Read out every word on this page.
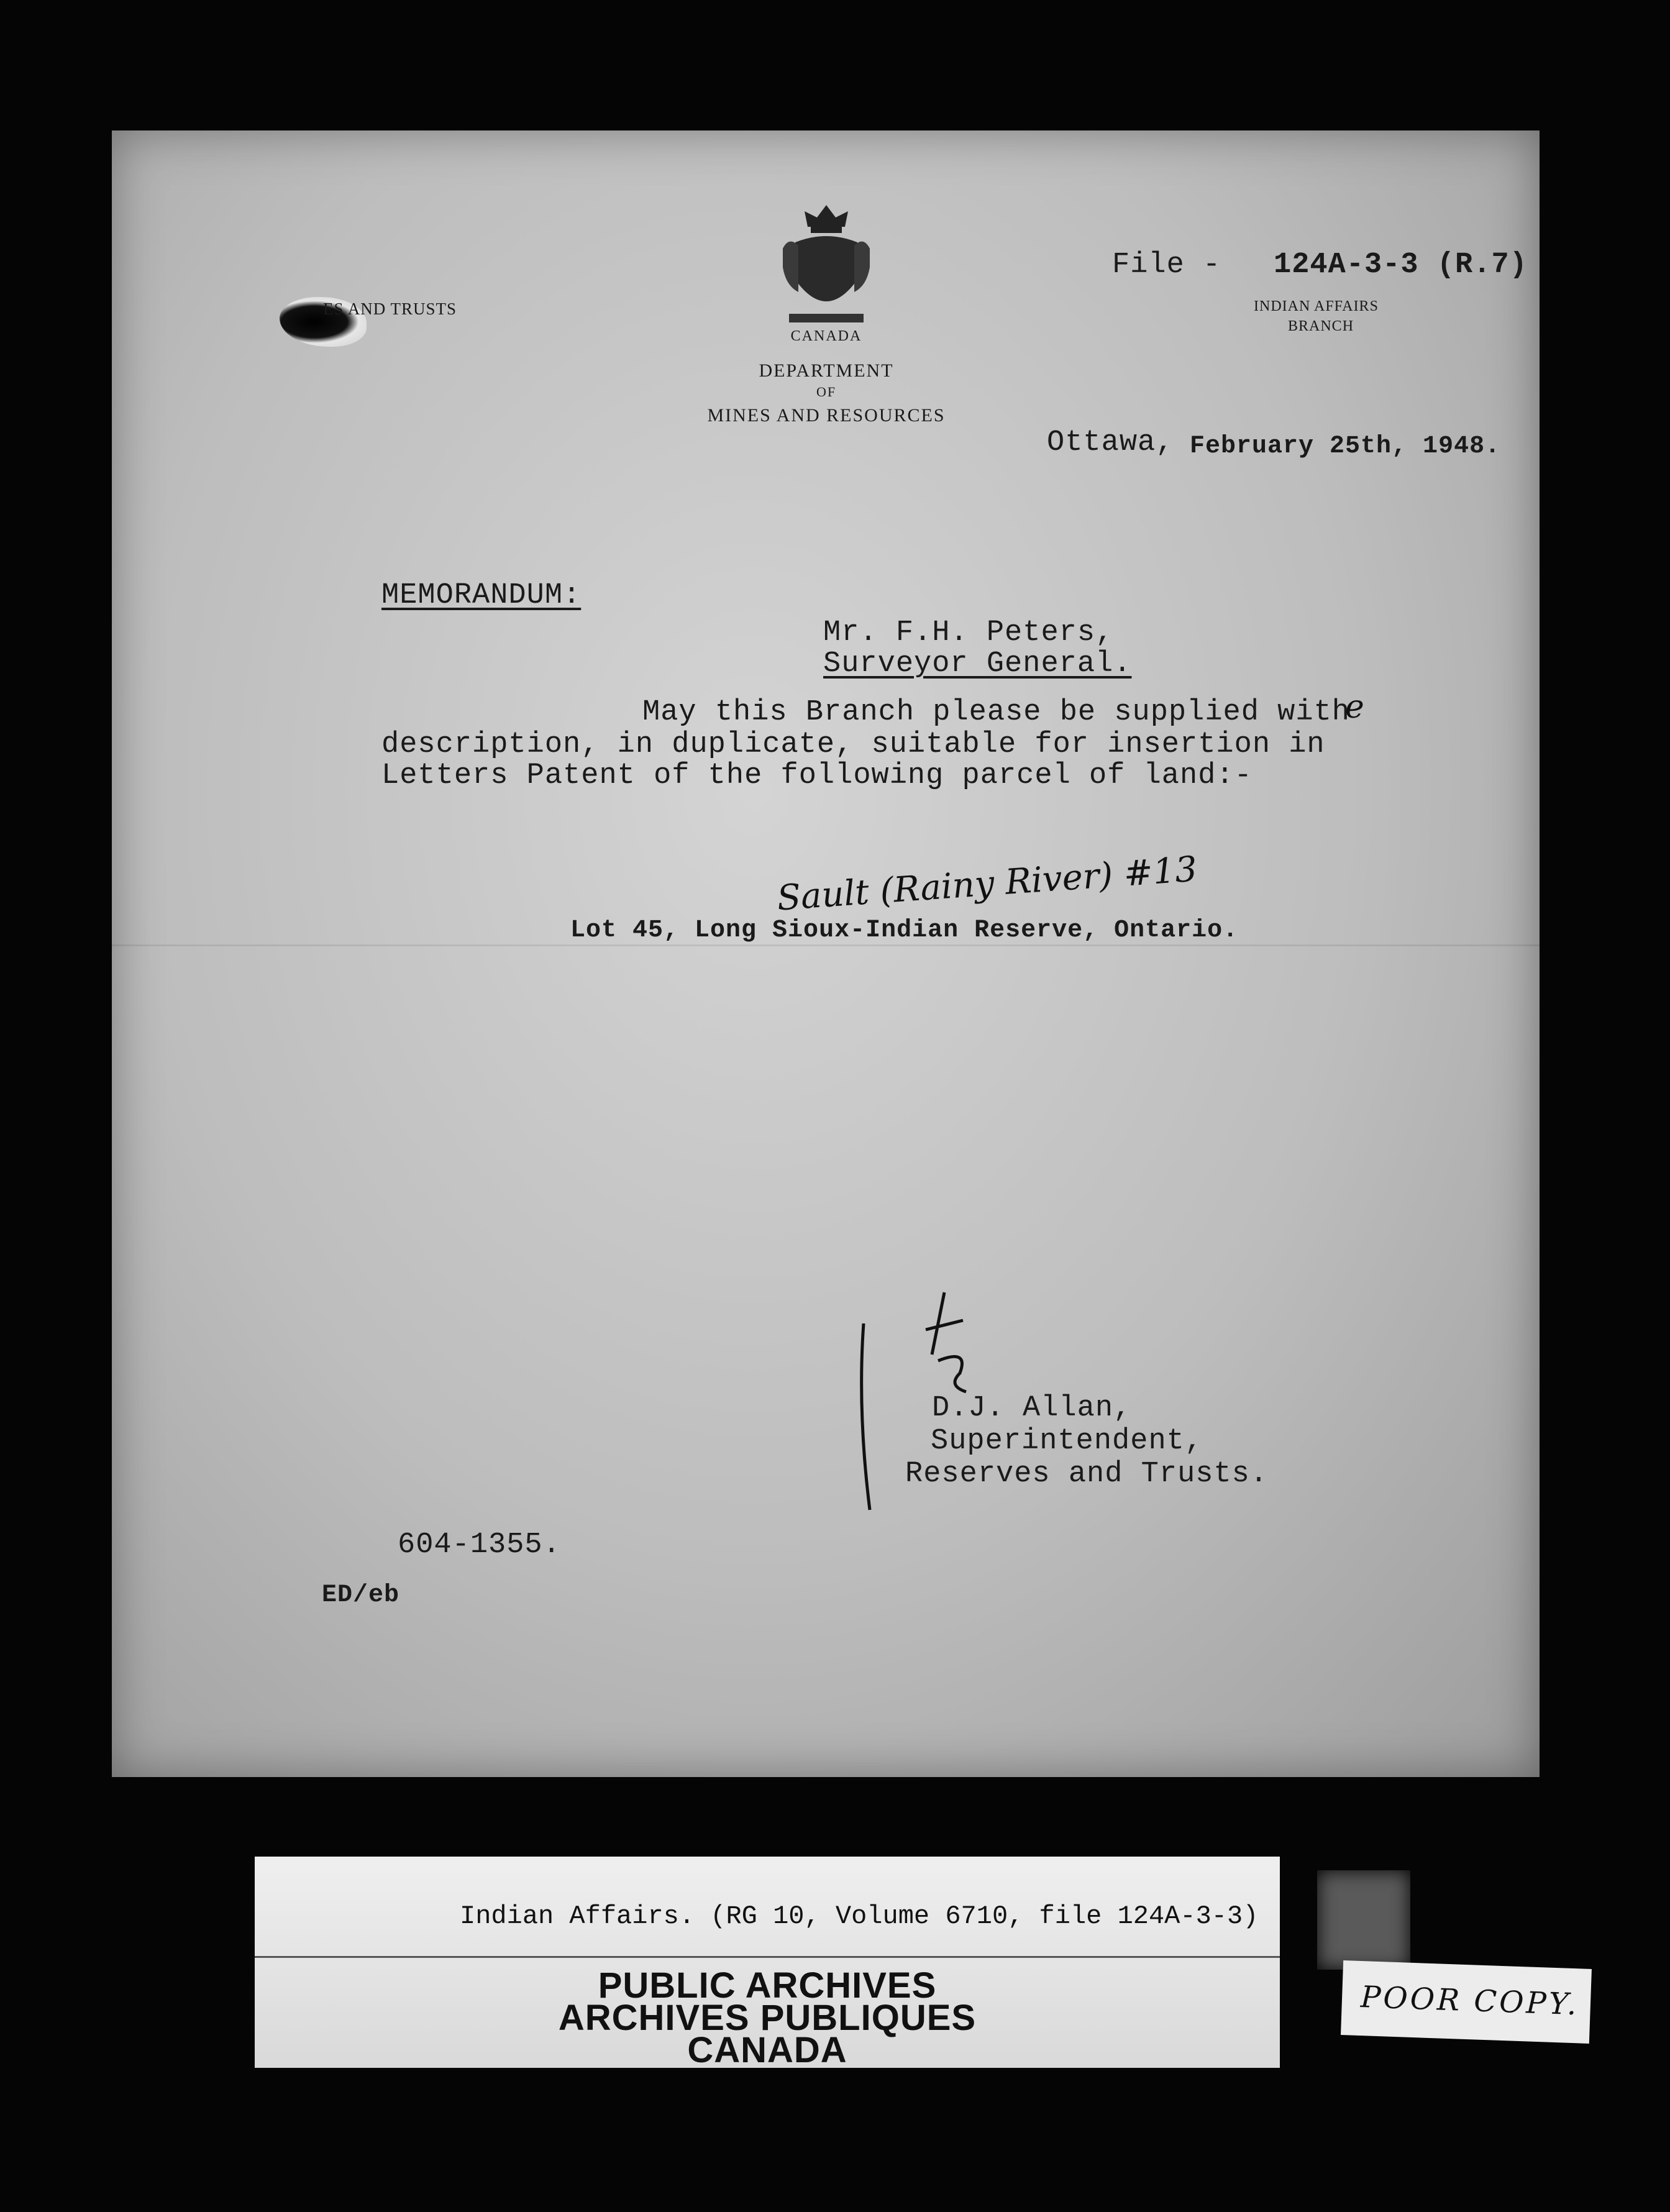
ES AND TRUSTS
CANADA
DEPARTMENT
OF
MINES AND RESOURCES
File - 124A-3-3 (R.7)
INDIAN AFFAIRS
BRANCH
Ottawa, February 25th, 1948.
MEMORANDUM:
Mr. F.H. Peters,
Surveyor General.
May this Branch please be supplied with
e
description, in duplicate, suitable for insertion in
Letters Patent of the following parcel of land:-
Sault (Rainy River) #13
Lot 45, Long Sioux-Indian Reserve, Ontario.
D.J. Allan,
Superintendent,
Reserves and Trusts.
604-1355.
ED/eb
Indian Affairs. (RG 10, Volume 6710, file 124A-3-3)
PUBLIC ARCHIVES
ARCHIVES PUBLIQUES
CANADA
POOR COPY.
